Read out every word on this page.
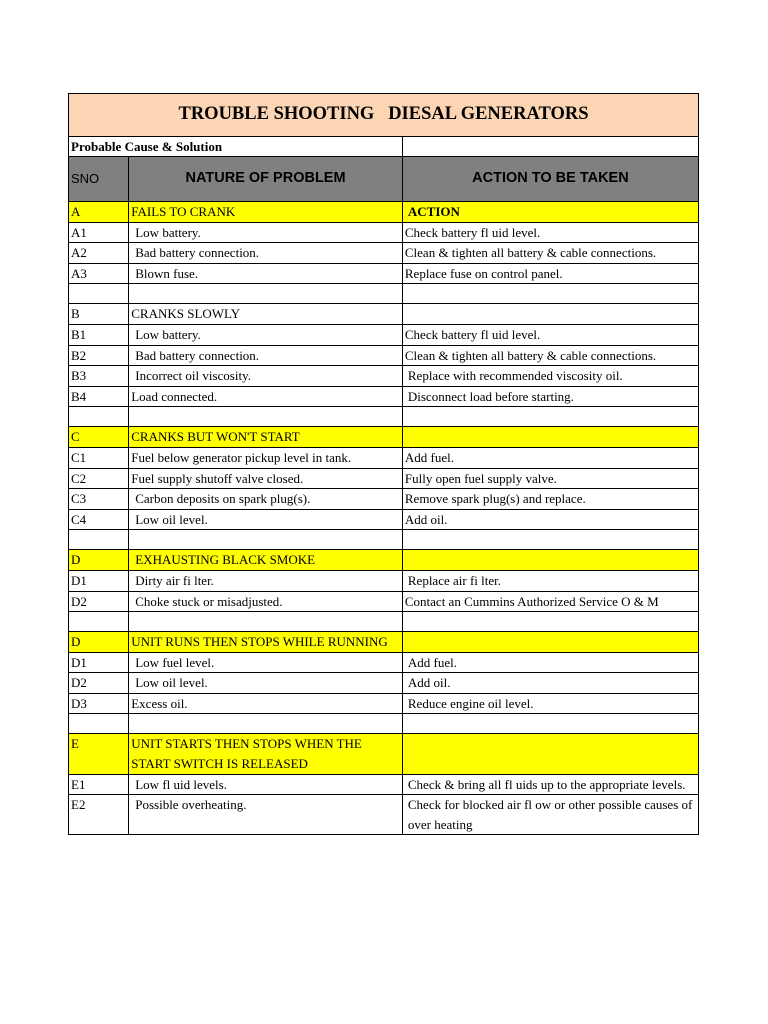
TROUBLE SHOOTING   DIESAL GENERATORS		
Probable Cause & Solution		
SNO	NATURE OF PROBLEM	ACTION TO BE TAKEN
A	FAILS TO CRANK	ACTION
A1	Low battery.	Check battery fl uid level.
A2	Bad battery connection.	Clean & tighten all battery & cable connections.
A3	Blown fuse.	Replace fuse on control panel.

B	CRANKS SLOWLY	
B1	Low battery.	Check battery fl uid level.
B2	Bad battery connection.	Clean & tighten all battery & cable connections.
B3	Incorrect oil viscosity.	Replace with recommended viscosity oil.
B4	Load connected.	Disconnect load before starting.

C	CRANKS BUT WON'T START	
C1	Fuel below generator pickup level in tank.	Add fuel.
C2	Fuel supply shutoff valve closed.	Fully open fuel supply valve.
C3	Carbon deposits on spark plug(s).	Remove spark plug(s) and replace.
C4	Low oil level.	Add oil.

D	EXHAUSTING BLACK SMOKE	
D1	Dirty air fi lter.	Replace air fi lter.
D2	Choke stuck or misadjusted.	Contact an Cummins Authorized Service O & M

D	UNIT RUNS THEN STOPS WHILE RUNNING	
D1	Low fuel level.	Add fuel.
D2	Low oil level.	Add oil.
D3	Excess oil.	Reduce engine oil level.

E	UNIT STARTS THEN STOPS WHEN THE START SWITCH IS RELEASED	
E1	Low fl uid levels.	Check & bring all fl uids up to the appropriate levels.
E2	Possible overheating.	Check for blocked air fl ow or other possible causes of over heating
